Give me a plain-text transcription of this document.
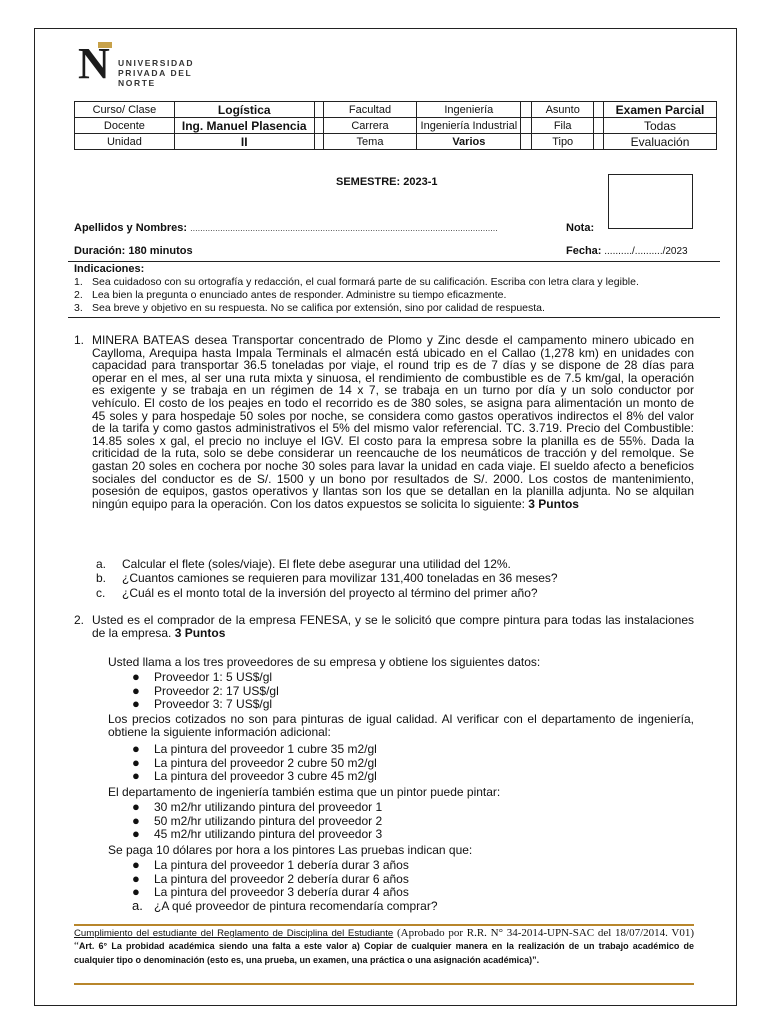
N UNIVERSIDAD
PRIVADA DEL NORTE
Curso/ Clase	Logística		Facultad	Ingeniería		Asunto		Examen Parcial
Docente	Ing. Manuel Plasencia		Carrera	Ingeniería Industrial		Fila		Todas
Unidad	II		Tema	Varios		Tipo		Evaluación
SEMESTRE: 2023-1
Apellidos y Nombres: ...........................................................................................................................	Nota:
Duración: 180 minutos	Fecha: ........../........../2023
Indicaciones:
1. Sea cuidadoso con su ortografía y redacción, el cual formará parte de su calificación. Escriba con letra clara y legible.
2. Lea bien la pregunta o enunciado antes de responder. Administre su tiempo eficazmente.
3. Sea breve y objetivo en su respuesta. No se califica por extensión, sino por calidad de respuesta.
1. MINERA BATEAS desea Transportar concentrado de Plomo y Zinc desde el campamento minero ubicado en Caylloma, Arequipa hasta Impala Terminals el almacén está ubicado en el Callao (1,278 km) en unidades con capacidad para transportar 36.5 toneladas por viaje, el round trip es de 7 días y se dispone de 28 días para operar en el mes, al ser una ruta mixta y sinuosa, el rendimiento de combustible es de 7.5 km/gal, la operación es exigente y se trabaja en un régimen de 14 x 7, se trabaja en un turno por día y un solo conductor por vehículo. El costo de los peajes en todo el recorrido es de 380 soles, se asigna para alimentación un monto de 45 soles y para hospedaje 50 soles por noche, se considera como gastos operativos indirectos el 8% del valor de la tarifa y como gastos administrativos el 5% del mismo valor referencial. TC. 3.719. Precio del Combustible: 14.85 soles x gal, el precio no incluye el IGV. El costo para la empresa sobre la planilla es de 55%. Dada la criticidad de la ruta, solo se debe considerar un reencauche de los neumáticos de tracción y del remolque. Se gastan 20 soles en cochera por noche 30 soles para lavar la unidad en cada viaje. El sueldo afecto a beneficios sociales del conductor es de S/. 1500 y un bono por resultados de S/. 2000. Los costos de mantenimiento, posesión de equipos, gastos operativos y llantas son los que se detallan en la planilla adjunta. No se alquilan ningún equipo para la operación. Con los datos expuestos se solicita lo siguiente: 3 Puntos
a. Calcular el flete (soles/viaje). El flete debe asegurar una utilidad del 12%.
b. ¿Cuantos camiones se requieren para movilizar 131,400 toneladas en 36 meses?
c. ¿Cuál es el monto total de la inversión del proyecto al término del primer año?
2. Usted es el comprador de la empresa FENESA, y se le solicitó que compre pintura para todas las instalaciones de la empresa. 3 Puntos
Usted llama a los tres proveedores de su empresa y obtiene los siguientes datos:
● Proveedor 1: 5 US$/gl
● Proveedor 2: 17 US$/gl
● Proveedor 3: 7 US$/gl
Los precios cotizados no son para pinturas de igual calidad. Al verificar con el departamento de ingeniería, obtiene la siguiente información adicional:
● La pintura del proveedor 1 cubre 35 m2/gl
● La pintura del proveedor 2 cubre 50 m2/gl
● La pintura del proveedor 3 cubre 45 m2/gl
El departamento de ingeniería también estima que un pintor puede pintar:
● 30 m2/hr utilizando pintura del proveedor 1
● 50 m2/hr utilizando pintura del proveedor 2
● 45 m2/hr utilizando pintura del proveedor 3
Se paga 10 dólares por hora a los pintores Las pruebas indican que:
● La pintura del proveedor 1 debería durar 3 años
● La pintura del proveedor 2 debería durar 6 años
● La pintura del proveedor 3 debería durar 4 años
a. ¿A qué proveedor de pintura recomendaría comprar?
Cumplimiento del estudiante del Reglamento de Disciplina del Estudiante (Aprobado por R.R. N° 34-2014-UPN-SAC del 18/07/2014. V01) “Art. 6° La probidad académica siendo una falta a este valor a) Copiar de cualquier manera en la realización de un trabajo académico de cualquier tipo o denominación (esto es, una prueba, un examen, una práctica o una asignación académica)”.
